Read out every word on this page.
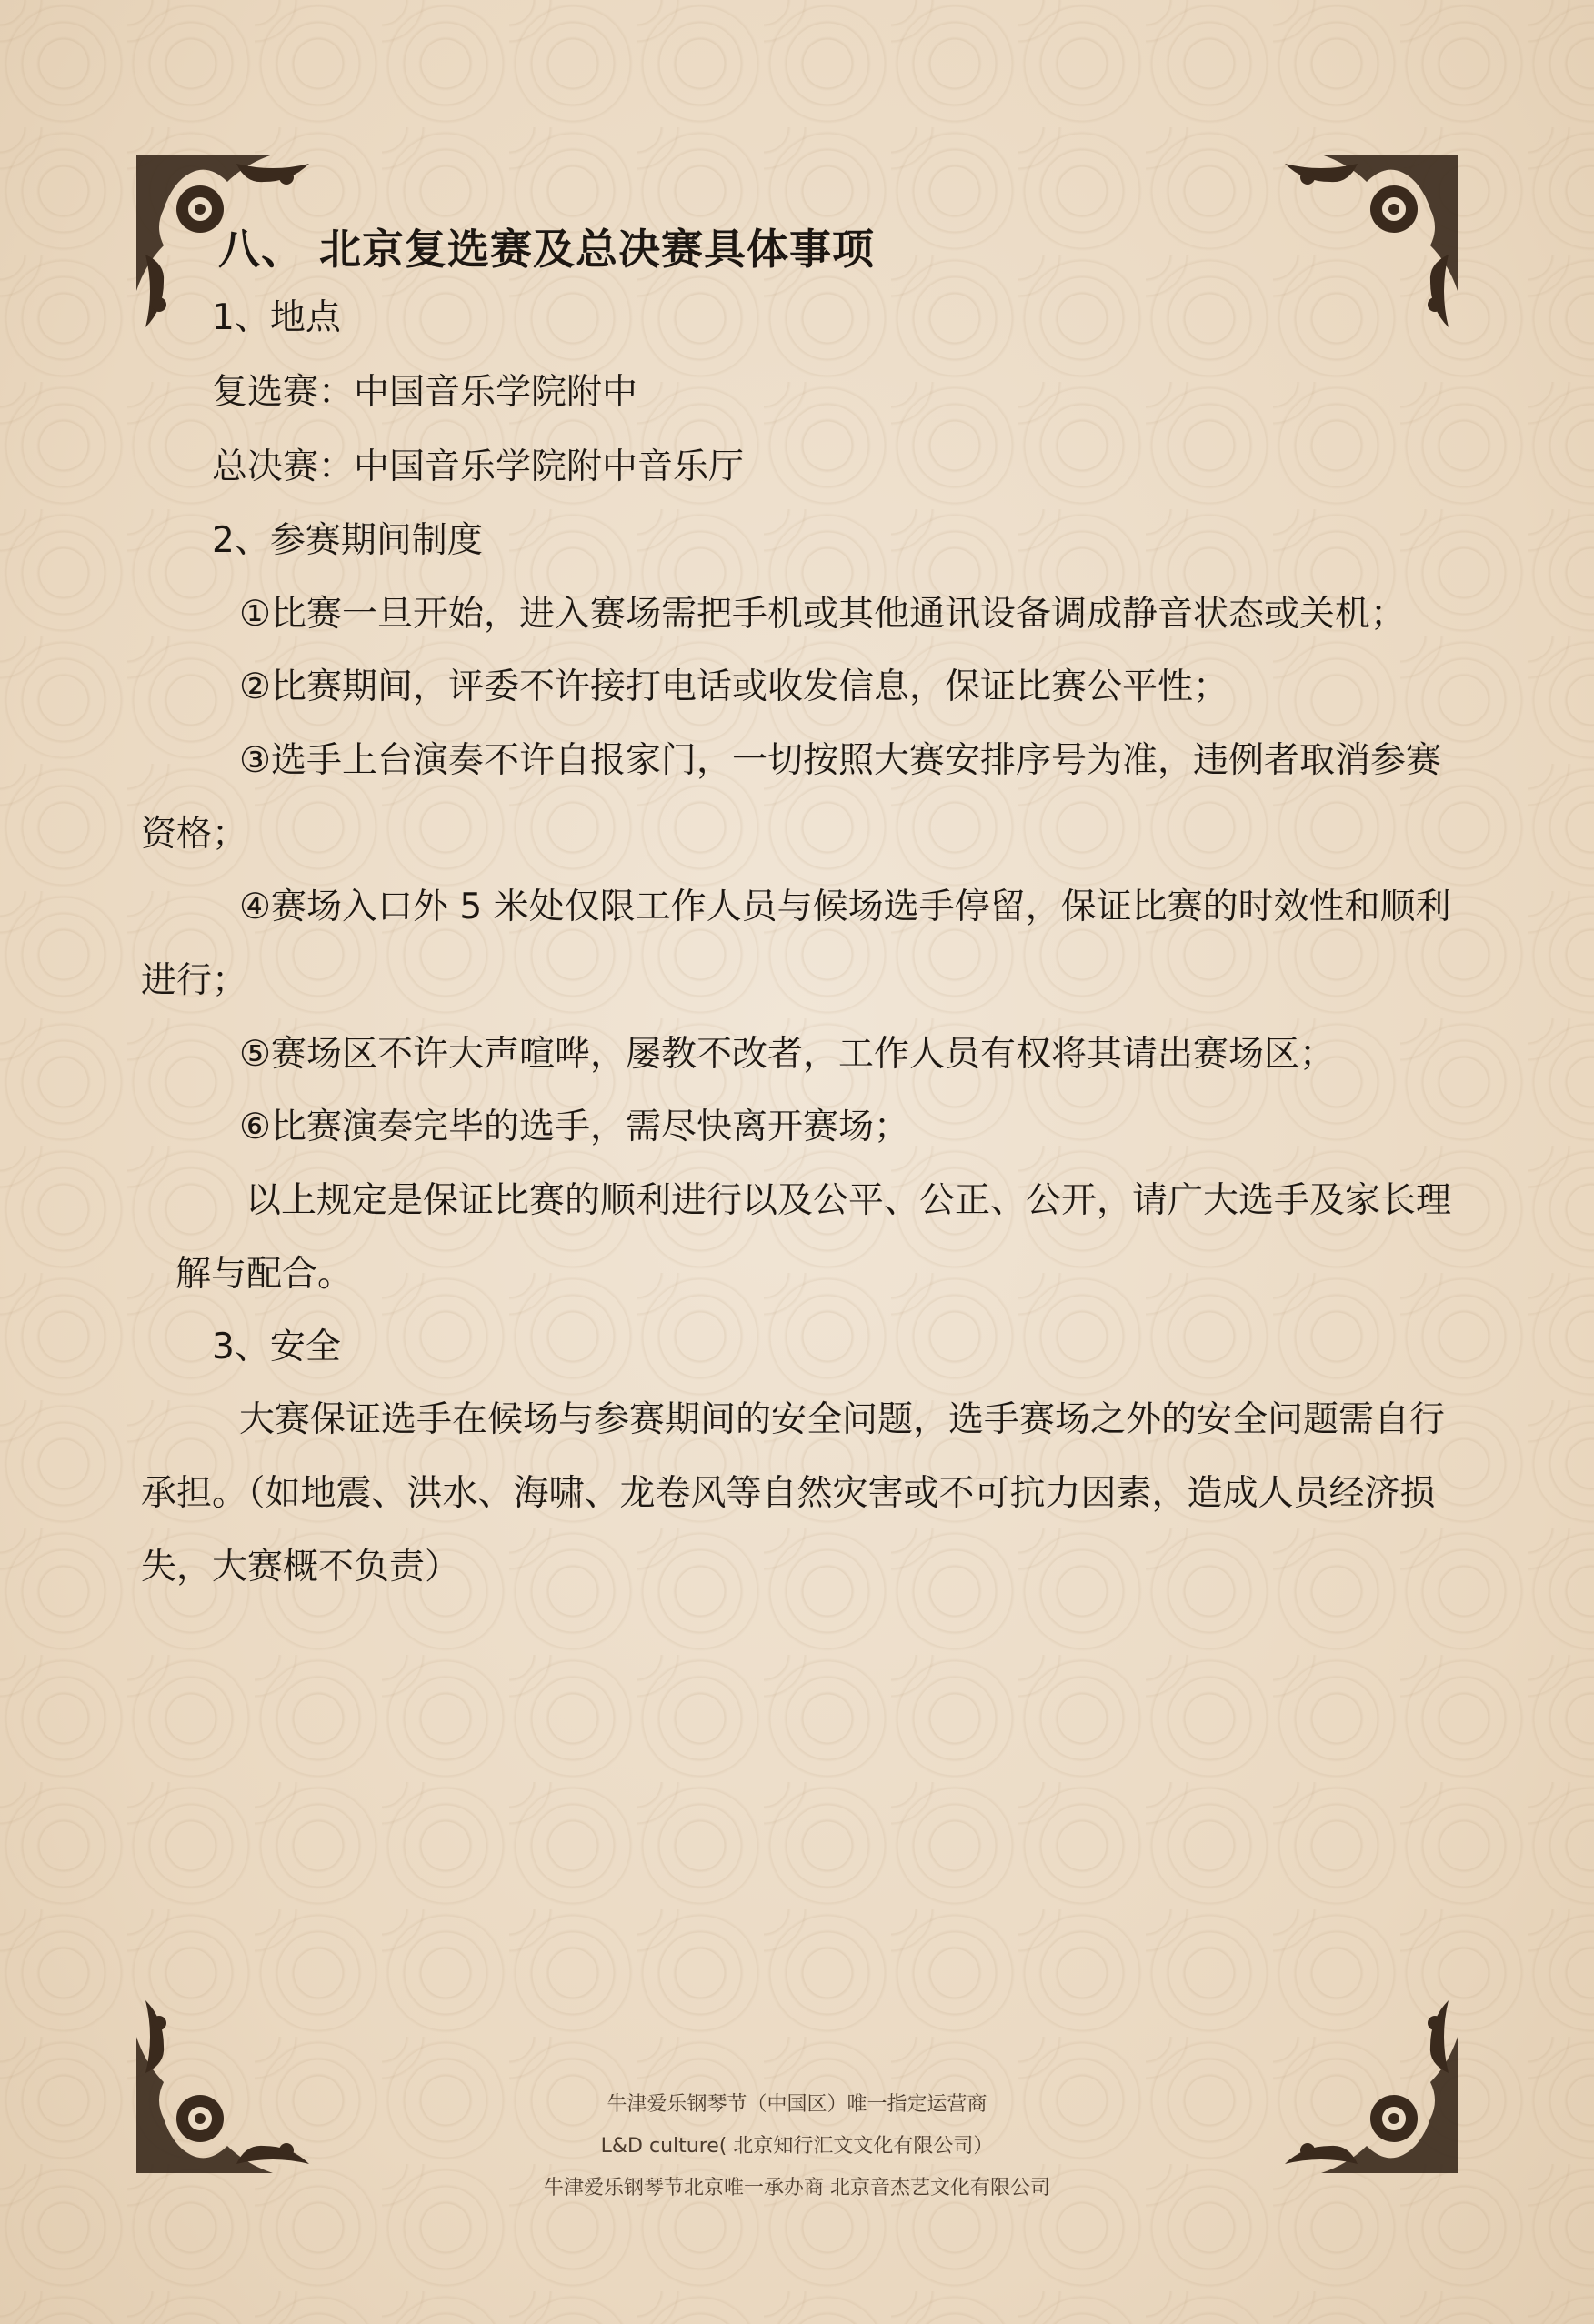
八、 北京复选赛及总决赛具体事项
1、地点
复选赛：中国音乐学院附中
总决赛：中国音乐学院附中音乐厅
2、参赛期间制度
①比赛一旦开始，进入赛场需把手机或其他通讯设备调成静音状态或关机；
②比赛期间，评委不许接打电话或收发信息，保证比赛公平性；
③选手上台演奏不许自报家门，一切按照大赛安排序号为准，违例者取消参赛
资格；
④赛场入口外 5 米处仅限工作人员与候场选手停留，保证比赛的时效性和顺利
进行；
⑤赛场区不许大声喧哗，屡教不改者，工作人员有权将其请出赛场区；
⑥比赛演奏完毕的选手，需尽快离开赛场；
以上规定是保证比赛的顺利进行以及公平、公正、公开，请广大选手及家长理
解与配合。
3、安全
大赛保证选手在候场与参赛期间的安全问题，选手赛场之外的安全问题需自行
承担。（如地震、洪水、海啸、龙卷风等自然灾害或不可抗力因素，造成人员经济损
失，大赛概不负责）
牛津爱乐钢琴节（中国区）唯一指定运营商
L&D culture( 北京知行汇文文化有限公司）
牛津爱乐钢琴节北京唯一承办商 北京音杰艺文化有限公司
